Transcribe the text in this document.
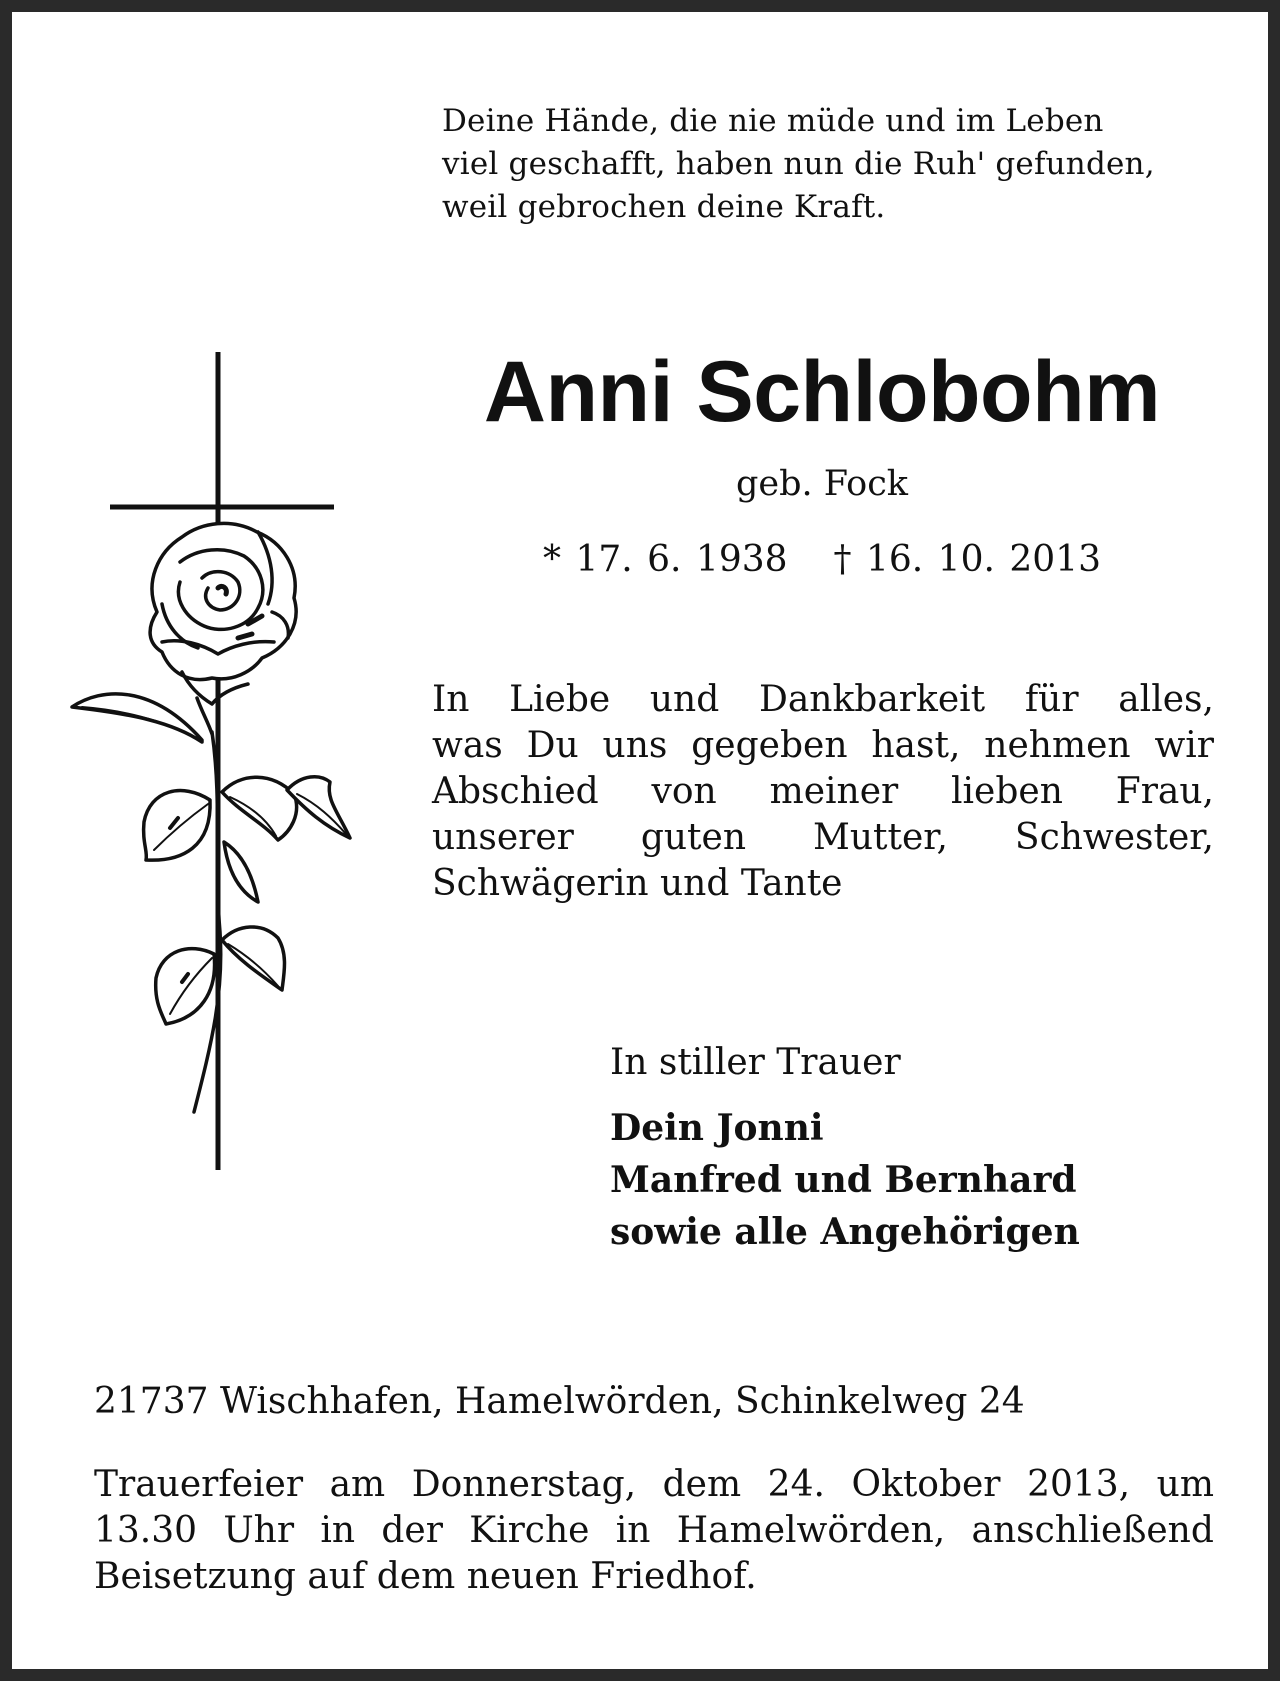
Deine Hände, die nie müde und im Leben
viel geschafft, haben nun die Ruh' gefunden,
weil gebrochen deine Kraft.
Anni Schlobohm
geb. Fock
* 17. 6. 1938 † 16. 10. 2013
In Liebe und Dankbarkeit für alles,
was Du uns gegeben hast, nehmen wir
Abschied von meiner lieben Frau,
unserer guten Mutter, Schwester,
Schwägerin und Tante
In stiller Trauer
Dein Jonni
Manfred und Bernhard
sowie alle Angehörigen
21737 Wischhafen, Hamelwörden, Schinkelweg 24
Trauerfeier am Donnerstag, dem 24. Oktober 2013, um
13.30 Uhr in der Kirche in Hamelwörden, anschließend
Beisetzung auf dem neuen Friedhof.
